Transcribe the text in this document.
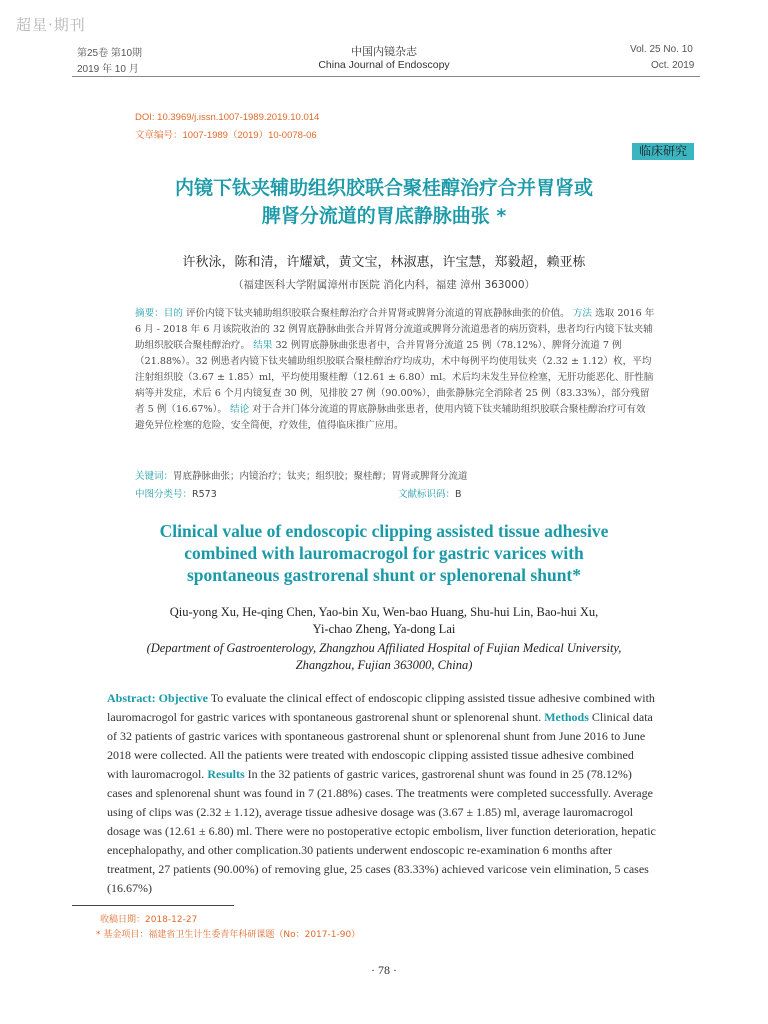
超星·期刊
第25卷 第10期
2019 年 10 月
中国内镜杂志
China Journal of Endoscopy
Vol. 25 No. 10
Oct. 2019
DOI: 10.3969/j.issn.1007-1989.2019.10.014
文章编号：1007-1989（2019）10-0078-06
临床研究
内镜下钛夹辅助组织胶联合聚桂醇治疗合并胃肾或
脾肾分流道的胃底静脉曲张 *
许秋泳，陈和清，许耀斌，黄文宝，林淑惠，许宝慧，郑毅超，赖亚栋
（福建医科大学附属漳州市医院 消化内科，福建 漳州 363000）
摘要：目的 评价内镜下钛夹辅助组织胶联合聚桂醇治疗合并胃肾或脾肾分流道的胃底静脉曲张的价值。 方法 选取 2016 年 6 月 - 2018 年 6 月该院收治的 32 例胃底静脉曲张合并胃肾分流道或脾肾分流道患者的病历资料，患者均行内镜下钛夹辅助组织胶联合聚桂醇治疗。 结果 32 例胃底静脉曲张患者中，合并胃肾分流道 25 例（78.12%）、脾肾分流道 7 例（21.88%）。32 例患者内镜下钛夹辅助组织胶联合聚桂醇治疗均成功，术中每例平均使用钛夹（2.32 ± 1.12）枚，平均注射组织胶（3.67 ± 1.85）ml，平均使用聚桂醇（12.61 ± 6.80）ml。术后均未发生异位栓塞，无肝功能恶化、肝性脑病等并发症，术后 6 个月内镜复查 30 例，见排胶 27 例（90.00%），曲张静脉完全消除者 25 例（83.33%），部分残留者 5 例（16.67%）。 结论 对于合并门体分流道的胃底静脉曲张患者，使用内镜下钛夹辅助组织胶联合聚桂醇治疗可有效避免异位栓塞的危险，安全简便，疗效佳，值得临床推广应用。
关键词：胃底静脉曲张；内镜治疗；钛夹；组织胶；聚桂醇；胃肾或脾肾分流道
中图分类号：R573	文献标识码：B
Clinical value of endoscopic clipping assisted tissue adhesive
combined with lauromacrogol for gastric varices with
spontaneous gastrorenal shunt or splenorenal shunt*
Qiu-yong Xu, He-qing Chen, Yao-bin Xu, Wen-bao Huang, Shu-hui Lin, Bao-hui Xu,
Yi-chao Zheng, Ya-dong Lai
(Department of Gastroenterology, Zhangzhou Affiliated Hospital of Fujian Medical University,
Zhangzhou, Fujian 363000, China)
Abstract: Objective To evaluate the clinical effect of endoscopic clipping assisted tissue adhesive combined with lauromacrogol for gastric varices with spontaneous gastrorenal shunt or splenorenal shunt. Methods Clinical data of 32 patients of gastric varices with spontaneous gastrorenal shunt or splenorenal shunt from June 2016 to June 2018 were collected. All the patients were treated with endoscopic clipping assisted tissue adhesive combined with lauromacrogol. Results In the 32 patients of gastric varices, gastrorenal shunt was found in 25 (78.12%) cases and splenorenal shunt was found in 7 (21.88%) cases. The treatments were completed successfully. Average using of clips was (2.32 ± 1.12), average tissue adhesive dosage was (3.67 ± 1.85) ml, average lauromacrogol dosage was (12.61 ± 6.80) ml. There were no postoperative ectopic embolism, liver function deterioration, hepatic encephalopathy, and other complication.30 patients underwent endoscopic re-examination 6 months after treatment, 27 patients (90.00%) of removing glue, 25 cases (83.33%) achieved varicose vein elimination, 5 cases (16.67%)
收稿日期：2018-12-27
* 基金项目：福建省卫生计生委青年科研课题（No：2017-1-90）
· 78 ·
